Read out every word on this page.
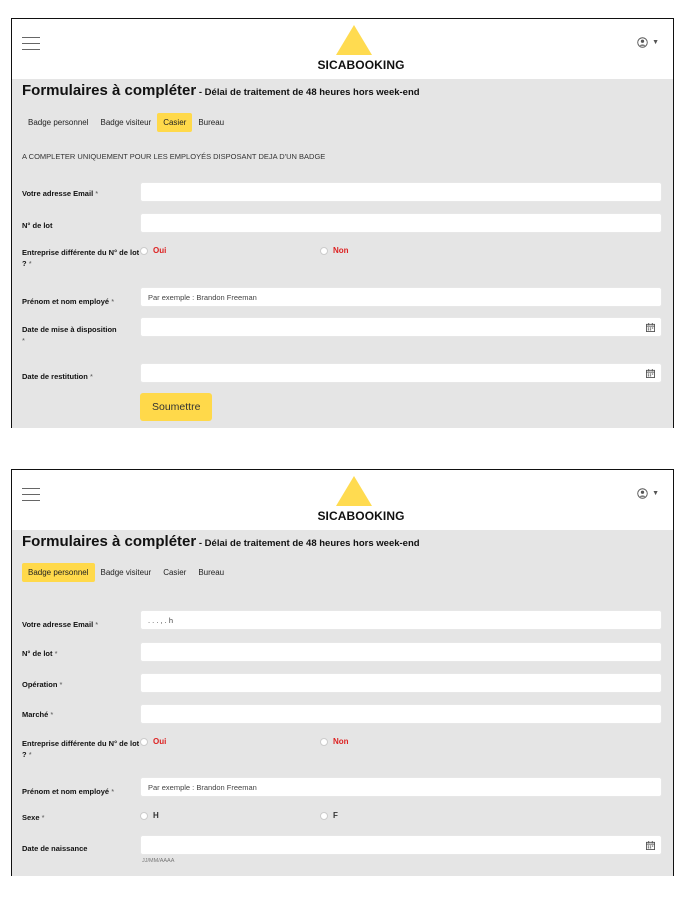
SICABOOKING
▼
Formulaires à compléter - Délai de traitement de 48 heures hors week-end
Badge personnel	Badge visiteur	Casier	Bureau
A COMPLETER UNIQUEMENT POUR LES EMPLOYÉS DISPOSANT DEJA D'UN BADGE
Votre adresse Email *
N° de lot
Entreprise différente du N° de lot ? *
Oui	Non
Prénom et nom employé *	Par exemple : Brandon Freeman
Date de mise à disposition
*
Date de restitution *
Soumettre
SICABOOKING
▼
Formulaires à compléter - Délai de traitement de 48 heures hors week-end
Badge personnel	Badge visiteur	Casier	Bureau
Votre adresse Email *	. . . , . h
N° de lot *
Opération *
Marché *
Entreprise différente du N° de lot ? *
Oui	Non
Prénom et nom employé *	Par exemple : Brandon Freeman
Sexe *	H	F
Date de naissance
JJ/MM/AAAA
